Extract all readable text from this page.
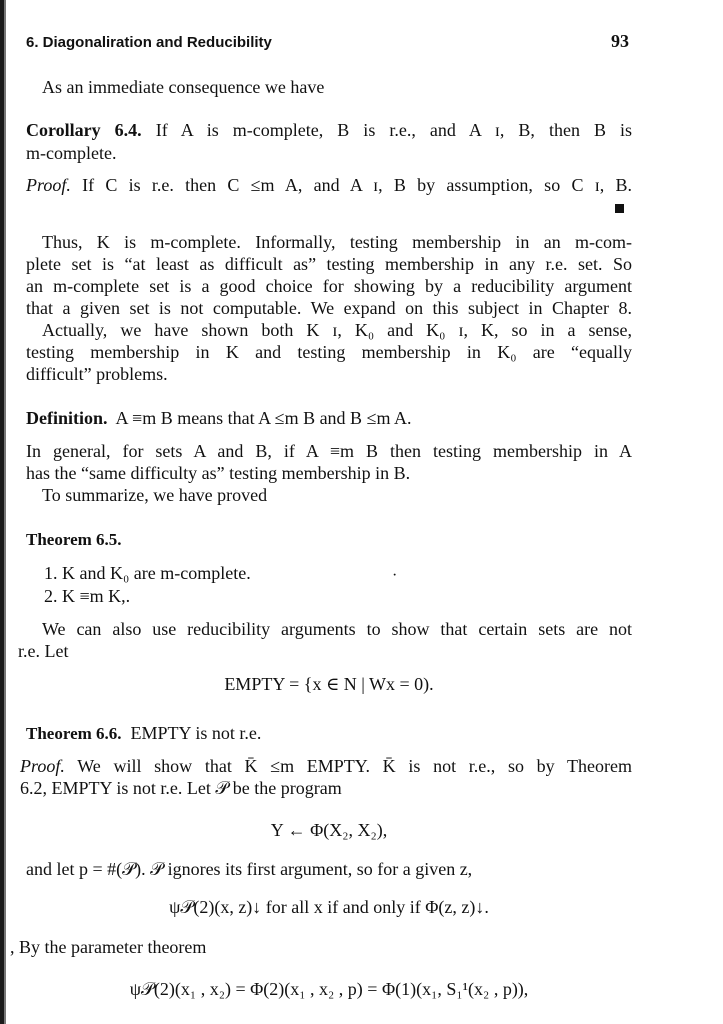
6. Diagonaliration and Reducibility	93
As an immediate consequence we have
Corollary 6.4. If A is m-complete, B is r.e., and A ɪ, B, then B is
m-complete.
Proof. If C is r.e. then C ≤m A, and A ɪ, B by assumption, so C ɪ, B.
Thus, K is m-complete. Informally, testing membership in an m-com-
plete set is “at least as difficult as” testing membership in any r.e. set. So
an m-complete set is a good choice for showing by a reducibility argument
that a given set is not computable. We expand on this subject in Chapter 8.
Actually, we have shown both K ɪ, K₀ and K₀ ɪ, K, so in a sense,
testing membership in K and testing membership in K₀ are “equally
difficult” problems.
Definition. A ≡m B means that A ≤m B and B ≤m A.
In general, for sets A and B, if A ≡m B then testing membership in A
has the “same difficulty as” testing membership in B.
To summarize, we have proved
Theorem 6.5.
1. K and K₀ are m-complete.	·
2. K ≡m K,.
We can also use reducibility arguments to show that certain sets are not
r.e. Let
EMPTY = {x ∈ N | Wx = 0).
Theorem 6.6. EMPTY is not r.e.
Proof. We will show that K̄ ≤m EMPTY. K̄ is not r.e., so by Theorem
6.2, EMPTY is not r.e. Let 𝒫 be the program
Y ← Φ(X₂, X₂),
and let p = #(𝒫). 𝒫 ignores its first argument, so for a given z,
ψ𝒫(2)(x, z)↓ for all x if and only if Φ(z, z)↓.
, By the parameter theorem
ψ𝒫(2)(x₁ , x₂) = Φ(2)(x₁ , x₂ , p) = Φ(1)(x₁, S₁¹(x₂ , p)),
